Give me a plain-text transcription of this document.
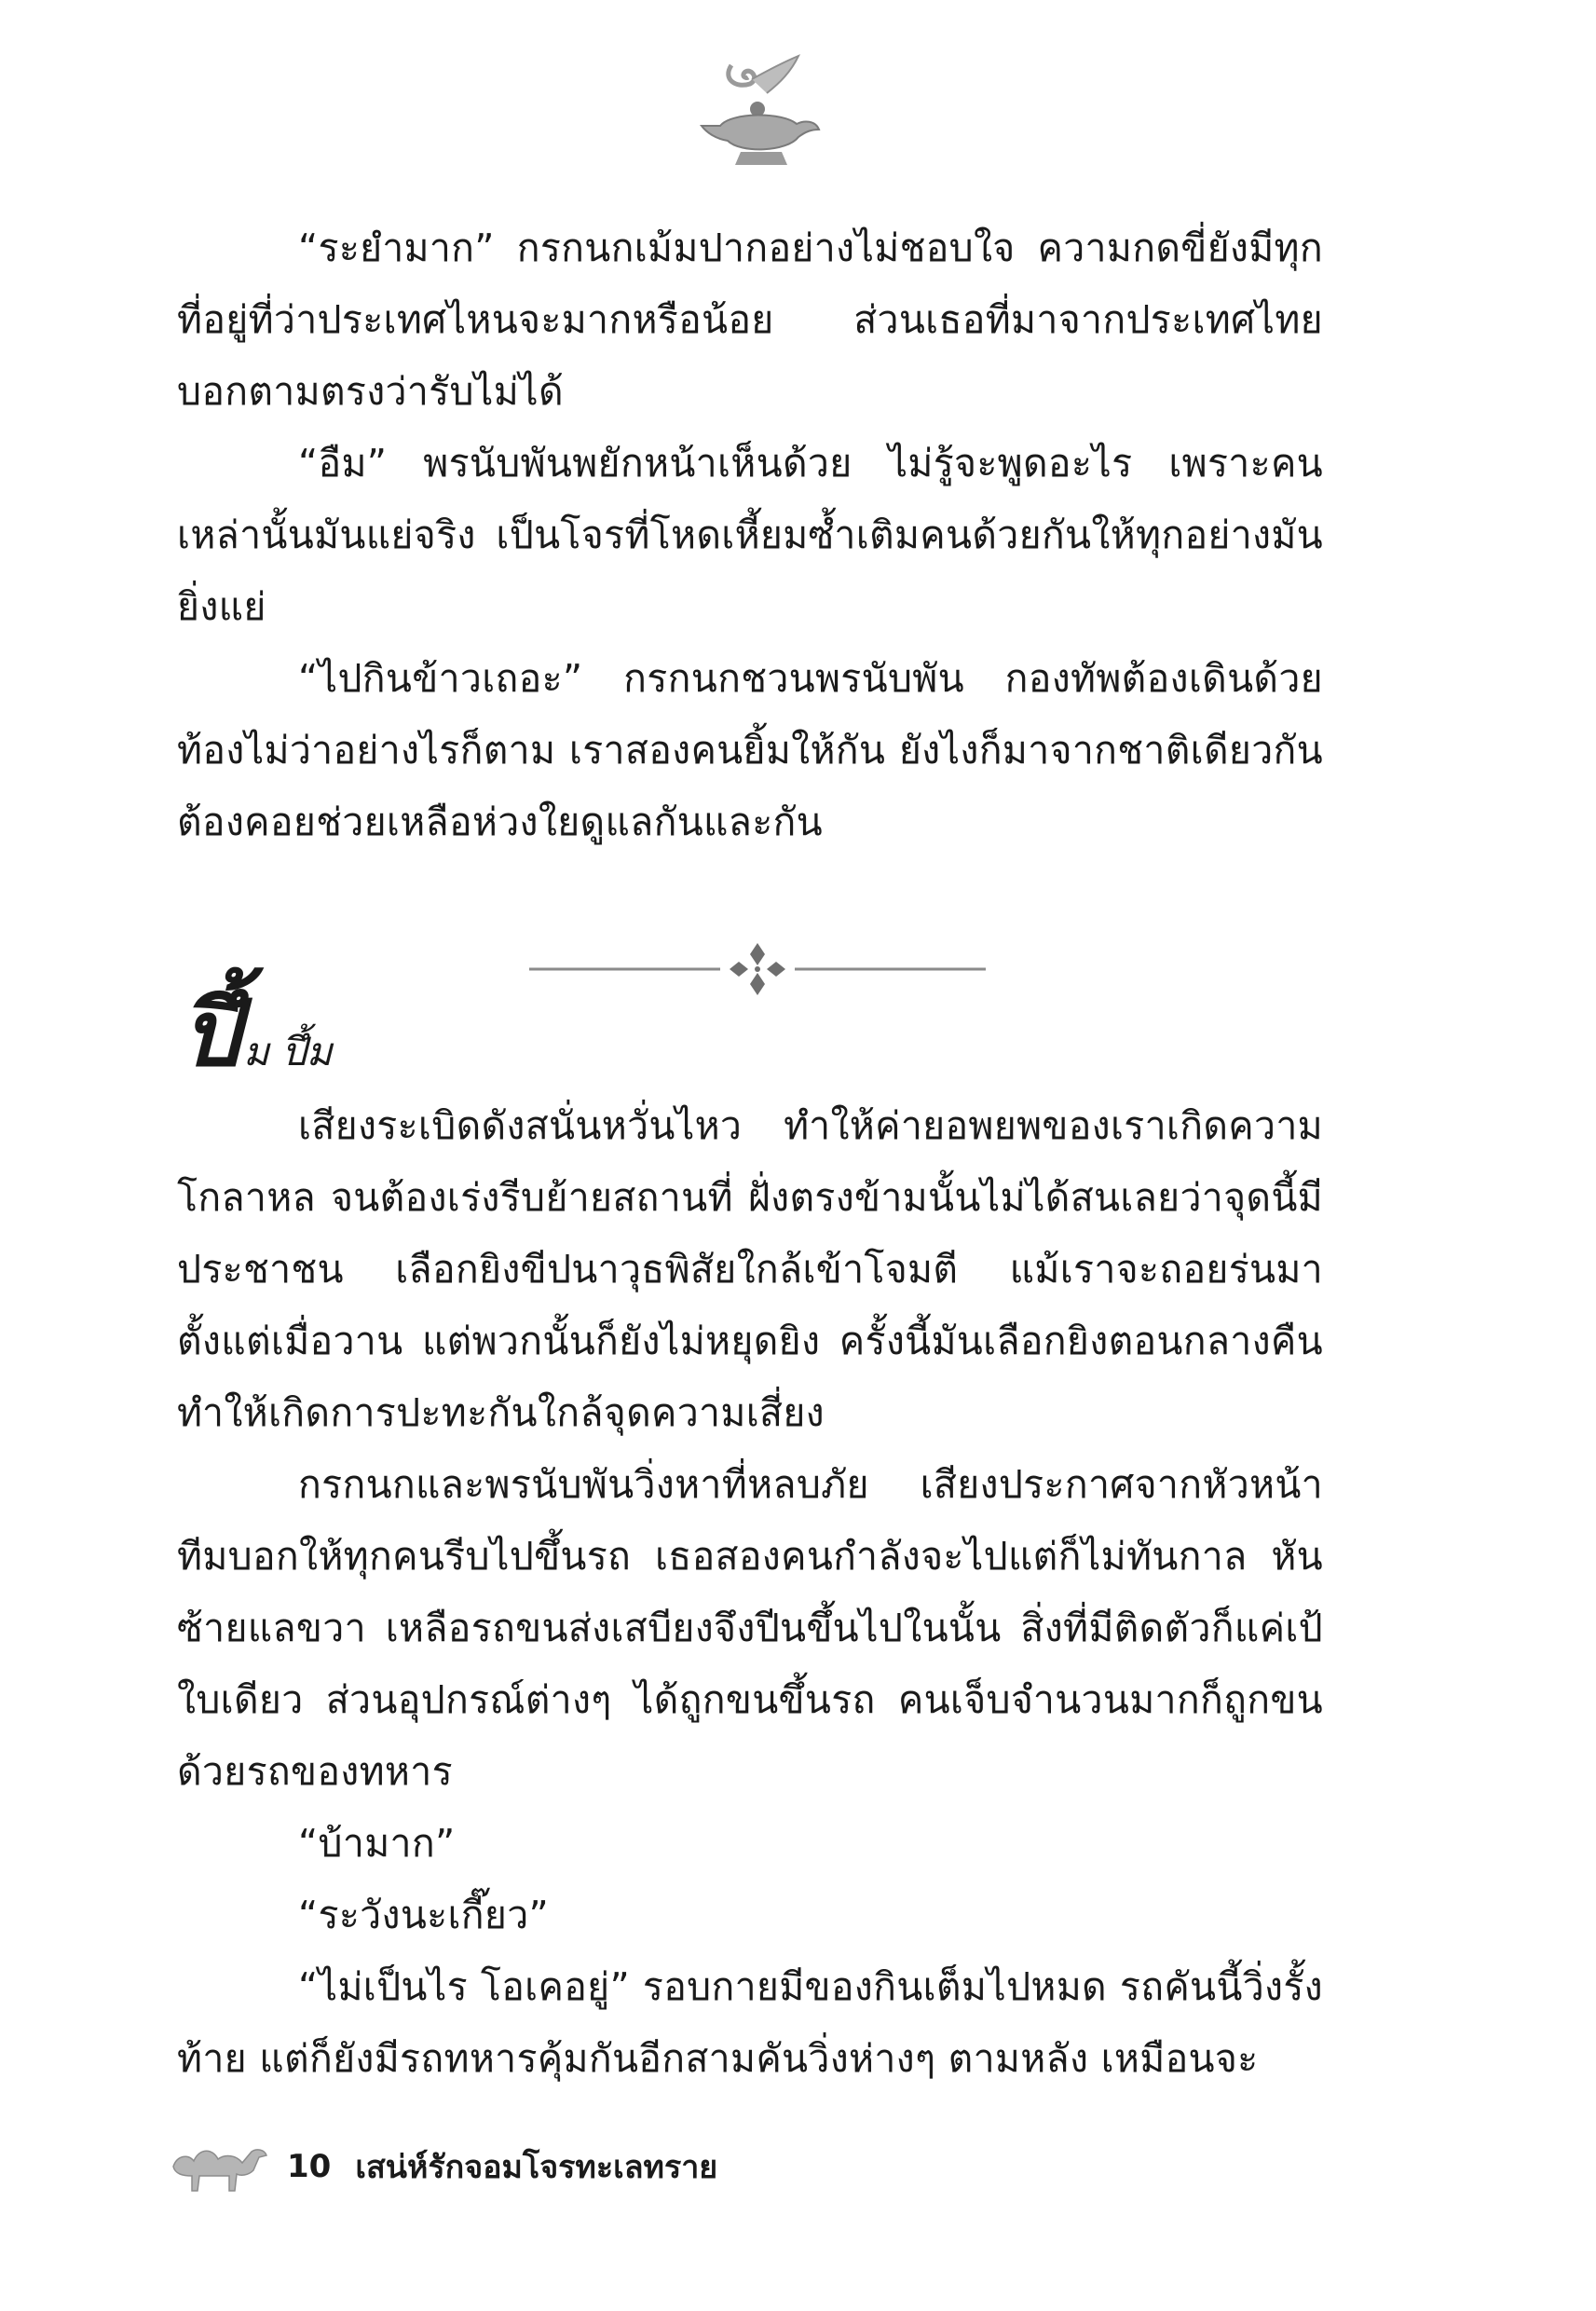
“ระยำมาก” กรกนกเม้มปากอย่างไม่ชอบใจ ความกดขี่ยังมีทุกที่อยู่ที่ว่าประเทศไหนจะมากหรือน้อย ส่วนเธอที่มาจากประเทศไทยบอกตามตรงว่ารับไม่ได้

“อืม” พรนับพันพยักหน้าเห็นด้วย ไม่รู้จะพูดอะไร เพราะคนเหล่านั้นมันแย่จริง เป็นโจรที่โหดเหี้ยมซ้ำเติมคนด้วยกันให้ทุกอย่างมันยิ่งแย่

“ไปกินข้าวเถอะ” กรกนกชวนพรนับพัน กองทัพต้องเดินด้วยท้องไม่ว่าอย่างไรก็ตาม เราสองคนยิ้มให้กัน ยังไงก็มาจากชาติเดียวกันต้องคอยช่วยเหลือห่วงใยดูแลกันและกัน

ปึ้ม ปึ้ม

เสียงระเบิดดังสนั่นหวั่นไหว ทำให้ค่ายอพยพของเราเกิดความโกลาหล จนต้องเร่งรีบย้ายสถานที่ ฝั่งตรงข้ามนั้นไม่ได้สนเลยว่าจุดนี้มีประชาชน เลือกยิงขีปนาวุธพิสัยใกล้เข้าโจมตี แม้เราจะถอยร่นมาตั้งแต่เมื่อวาน แต่พวกนั้นก็ยังไม่หยุดยิง ครั้งนี้มันเลือกยิงตอนกลางคืนทำให้เกิดการปะทะกันใกล้จุดความเสี่ยง

กรกนกและพรนับพันวิ่งหาที่หลบภัย เสียงประกาศจากหัวหน้าทีมบอกให้ทุกคนรีบไปขึ้นรถ เธอสองคนกำลังจะไปแต่ก็ไม่ทันกาล หันซ้ายแลขวา เหลือรถขนส่งเสบียงจึงปีนขึ้นไปในนั้น สิ่งที่มีติดตัวก็แค่เป้ใบเดียว ส่วนอุปกรณ์ต่างๆ ได้ถูกขนขึ้นรถ คนเจ็บจำนวนมากก็ถูกขนด้วยรถของทหาร

“บ้ามาก”

“ระวังนะเกี๊ยว”

“ไม่เป็นไร โอเคอยู่” รอบกายมีของกินเต็มไปหมด รถคันนี้วิ่งรั้งท้าย แต่ก็ยังมีรถทหารคุ้มกันอีกสามคันวิ่งห่างๆ ตามหลัง เหมือนจะ

10 เสน่ห์รักจอมโจรทะเลทราย
